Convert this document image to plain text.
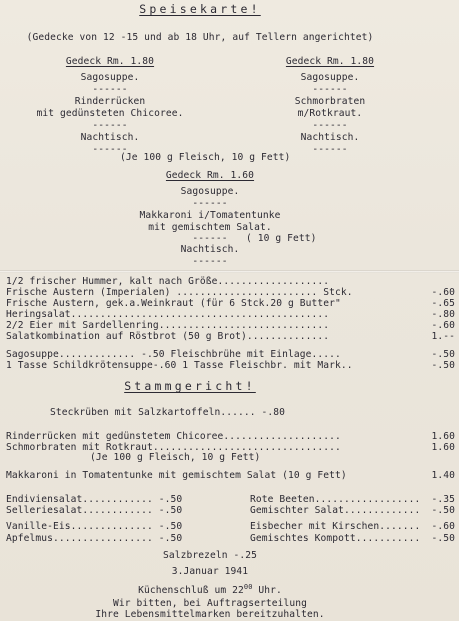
Speisekarte!
(Gedecke von 12 -15 und ab 18 Uhr, auf Tellern angerichtet)
Gedeck Rm. 1.80
Sagosuppe.
------
Rinderrücken
mit gedünsteten Chicoree.
------
Nachtisch.
------
Gedeck Rm. 1.80
Sagosuppe.
------
Schmorbraten
m/Rotkraut.
------
Nachtisch.
------
(Je 100 g Fleisch, 10 g Fett)
Gedeck Rm. 1.60
Sagosuppe.
------
Makkaroni i/Tomatentunke
mit gemischtem Salat.
( 10 g Fett)
------
Nachtisch.
------
1/2 frischer Hummer, kalt nach Größe...................
Frische Austern (Imperialen) ........................ Stck.	-.60
Frische Austern, gek.a.Weinkraut (für 6 Stck.20 g Butter"	-.65
Heringsalat............................................	-.80
2/2 Eier mit Sardellenring.............................	-.60
Salatkombination auf Röstbrot (50 g Brot)..............	1.--
Sagosuppe............. -.50 Fleischbrühe mit Einlage.....	-.50
1 Tasse Schildkrötensuppe-.60 1 Tasse Fleischbr. mit Mark..	-.50
Stammgericht!
Steckrüben mit Salzkartoffeln...... -.80
Rinderrücken mit gedünstetem Chicoree....................	1.60
Schmorbraten mit Rotkraut................................	1.60
(Je 100 g Fleisch, 10 g Fett)
Makkaroni in Tomatentunke mit gemischtem Salat (10 g Fett)	1.40
Endiviensalat............ -.50	Rote Beeten..................	-.35
Selleriesalat............ -.50	Gemischter Salat.............	-.50
Vanille-Eis.............. -.50	Eisbecher mit Kirschen.......	-.60
Apfelmus................. -.50	Gemischtes Kompott...........	-.50
Salzbrezeln -.25
3.Januar 1941
Küchenschluß um $22^{00}$ Uhr.
Wir bitten, bei Auftragserteilung
Ihre Lebensmittelmarken bereitzuhalten.
